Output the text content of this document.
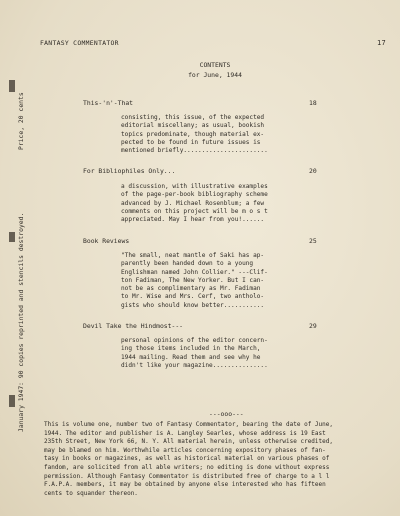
FANTASY COMMENTATOR	17
Price, 20 cents
January 1947: 90 copies reprinted and stencils destroyed.
CONTENTS
for June, 1944
This-'n'-That	18
consisting, this issue, of the expected
editorial miscellany; as usual, bookish
topics predominate, though material ex-
pected to be found in future issues is
mentioned briefly.......................
For Bibliophiles Only...	20
a discussion, with illustrative examples
of the page-per-book bibliography scheme
advanced by J. Michael Rosenblum; a few
comments on this project will be m o s t
appreciated. May I hear from you!......
Book Reviews	25
"The small, neat mantle of Saki has ap-
parently been handed down to a young
Englishman named John Collier." ---Clif-
ton Fadiman, The New Yorker. But I can-
not be as complimentary as Mr. Fadiman
to Mr. Wise and Mrs. Cerf, two antholo-
gists who should know better...........
Devil Take the Hindmost---	29
personal opinions of the editor concern-
ing those items included in the March,
1944 mailing. Read them and see why he
didn't like your magazine...............
---ooo---
This is volume one, number two of Fantasy Commentator, bearing the date of June,
1944. The editor and publisher is A. Langley Searles, whose address is 19 East
235th Street, New York 66, N. Y. All material herein, unless otherwise credited,
may be blamed on him. Worthwhile articles concerning expository phases of fan-
tasy in books or magazines, as well as historical material on various phases of
fandom, are solicited from all able writers; no editing is done without express
permission. Although Fantasy Commentator is distributed free of charge to a l l
F.A.P.A. members, it may be obtained by anyone else interested who has fifteen
cents to squander thereon.
